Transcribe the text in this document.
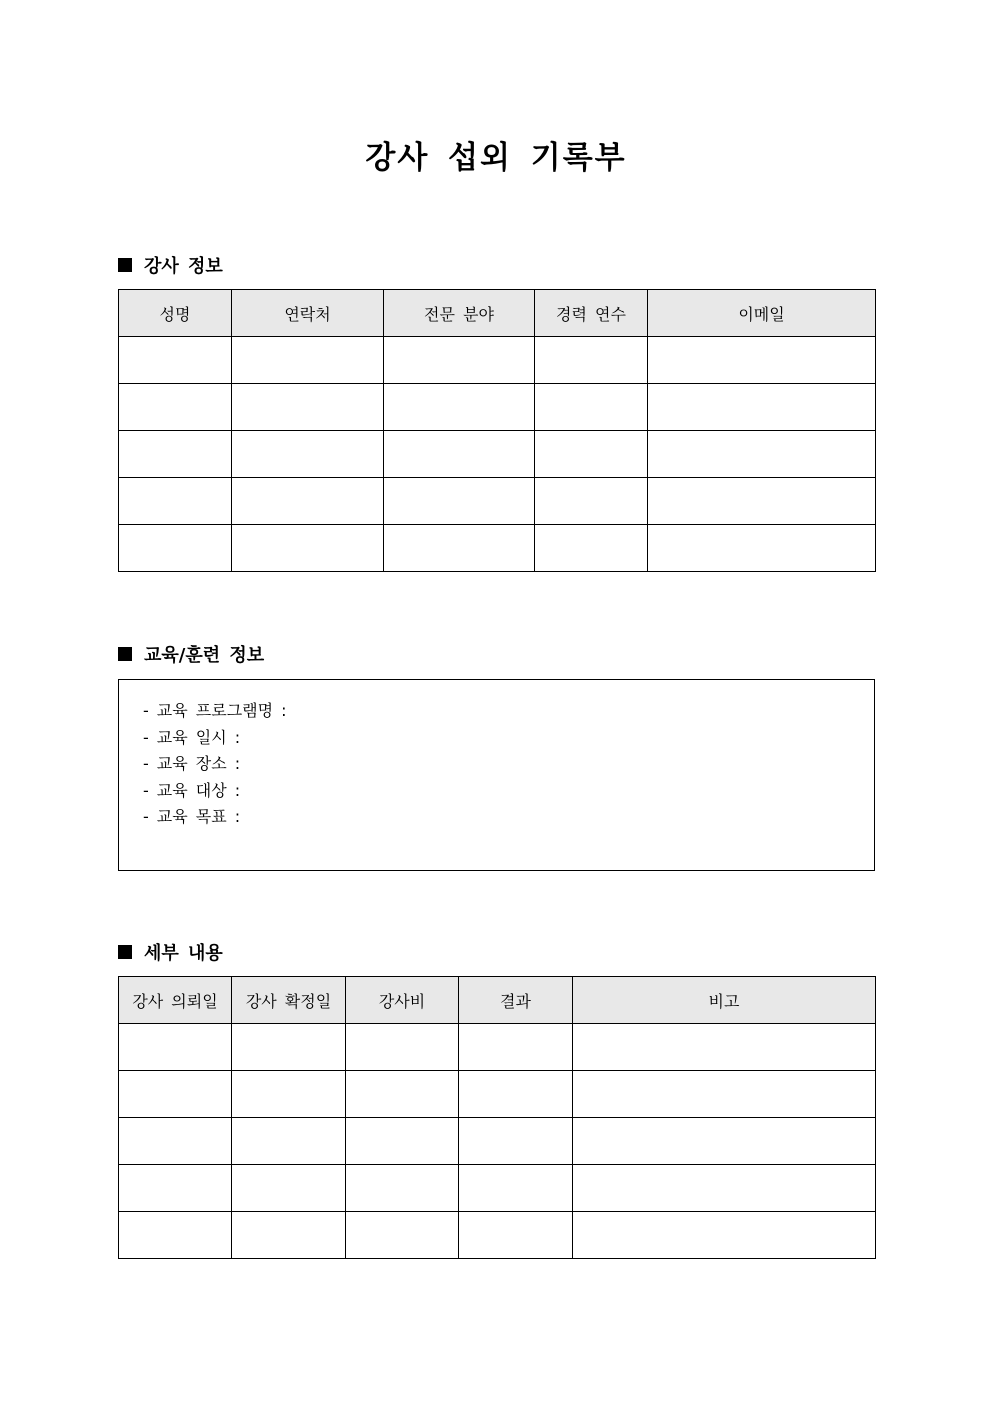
강사 섭외 기록부
강사 정보
성명	연락처	전문 분야	경력 연수	이메일

교육/훈련 정보
- 교육 프로그램명 :
- 교육 일시 :
- 교육 장소 :
- 교육 대상 :
- 교육 목표 :
세부 내용
강사 의뢰일	강사 확정일	강사비	결과	비고
